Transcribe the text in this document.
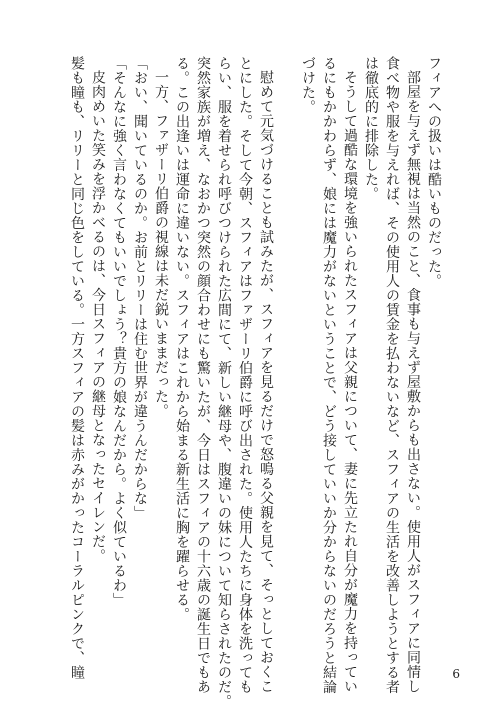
フィアへの扱いは酷いものだった。
部屋を与えず無視は当然のこと、食事も与えず屋敷からも出さない。使用人がスフィアに同情し
食べ物や服を与えれば、その使用人の賃金を払わないなど、スフィアの生活を改善しようとする者
は徹底的に排除した。
そうして過酷な環境を強いられたスフィアは父親について、妻に先立たれ自分が魔力を持ってい
るにもかかわらず、娘には魔力がないということで、どう接していいか分からないのだろうと結論
づけた。
慰めて元気づけることも試みたが、スフィアを見るだけで怒鳴る父親を見て、そっとしておくこ
とにした。そして今朝、スフィアはファザーリ伯爵に呼び出された。使用人たちに身体を洗っても
らい、服を着せられ呼びつけられた広間にて、新しい継母や、腹違いの妹について知らされたのだ。
突然家族が増え、なおかつ突然の顔合わせにも驚いたが、今日はスフィアの十六歳の誕生日でもあ
る。この出逢いは運命に違いない。スフィアはこれから始まる新生活に胸を躍らせる。
一方、ファザーリ伯爵の視線は未だ鋭いままだった。
「おい、聞いているのか。お前とリリーは住む世界が違うんだからな」
「そんなに強く言わなくてもいいでしょう？貴方の娘なんだから。よく似ているわ」
皮肉めいた笑みを浮かべるのは、今日スフィアの継母となったセイレンだ。
髪も瞳も、リリーと同じ色をしている。一方スフィアの髪は赤みがかったコーラルピンクで、瞳	6
